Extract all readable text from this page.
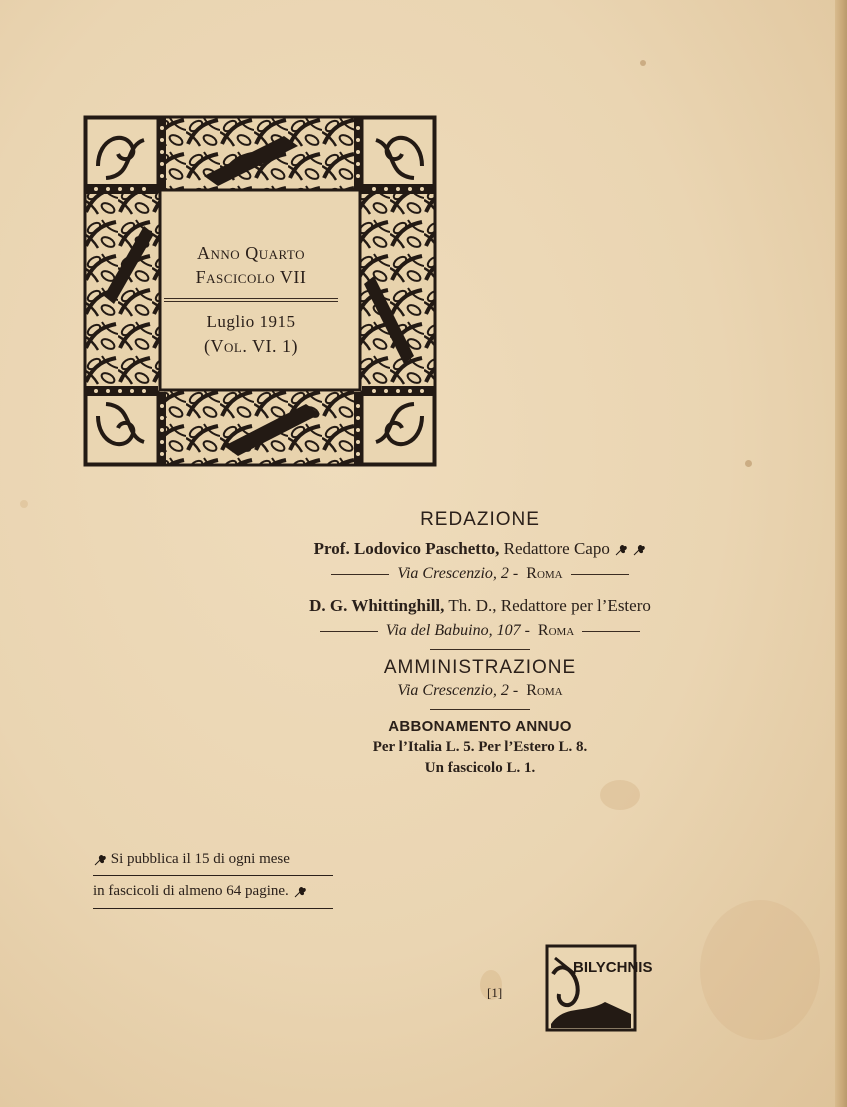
Anno Quarto
Fascicolo VII
Luglio 1915
(Vol. VI. 1)
REDAZIONE
Prof. Lodovico Paschetto, Redattore Capo
Via Crescenzio, 2 - Roma
D. G. Whittinghill, Th. D., Redattore per l’Estero
Via del Babuino, 107 - Roma
AMMINISTRAZIONE
Via Crescenzio, 2 - Roma
ABBONAMENTO ANNUO
Per l’Italia L. 5. Per l’Estero L. 8.
Un fascicolo L. 1.
Si pubblica il 15 di ogni mese
in fascicoli di almeno 64 pagine.
[1]
BILYCHNIS
